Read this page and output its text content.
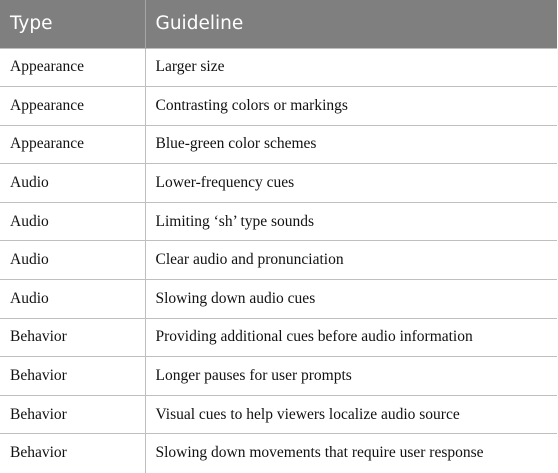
Type	Guideline
Appearance	Larger size
Appearance	Contrasting colors or markings
Appearance	Blue-green color schemes
Audio	Lower-frequency cues
Audio	Limiting ‘sh’ type sounds
Audio	Clear audio and pronunciation
Audio	Slowing down audio cues
Behavior	Providing additional cues before audio information
Behavior	Longer pauses for user prompts
Behavior	Visual cues to help viewers localize audio source
Behavior	Slowing down movements that require user response
